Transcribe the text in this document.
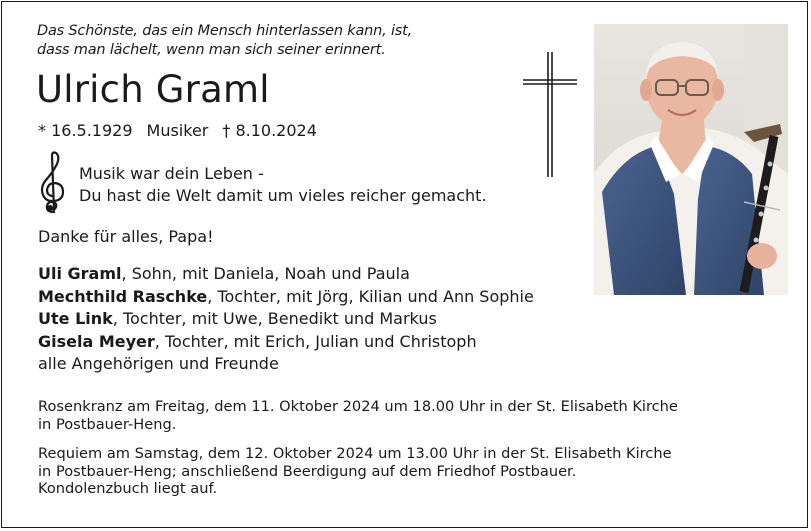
Das Schönste, das ein Mensch hinterlassen kann, ist,
dass man lächelt, wenn man sich seiner erinnert.
Ulrich Graml
* 16.5.1929 Musiker † 8.10.2024
Musik war dein Leben -
Du hast die Welt damit um vieles reicher gemacht.
Danke für alles, Papa!
Uli Graml, Sohn, mit Daniela, Noah und Paula
Mechthild Raschke, Tochter, mit Jörg, Kilian und Ann Sophie
Ute Link, Tochter, mit Uwe, Benedikt und Markus
Gisela Meyer, Tochter, mit Erich, Julian und Christoph
alle Angehörigen und Freunde
Rosenkranz am Freitag, dem 11. Oktober 2024 um 18.00 Uhr in der St. Elisabeth Kirche
in Postbauer-Heng.
Requiem am Samstag, dem 12. Oktober 2024 um 13.00 Uhr in der St. Elisabeth Kirche
in Postbauer-Heng; anschließend Beerdigung auf dem Friedhof Postbauer.
Kondolenzbuch liegt auf.
